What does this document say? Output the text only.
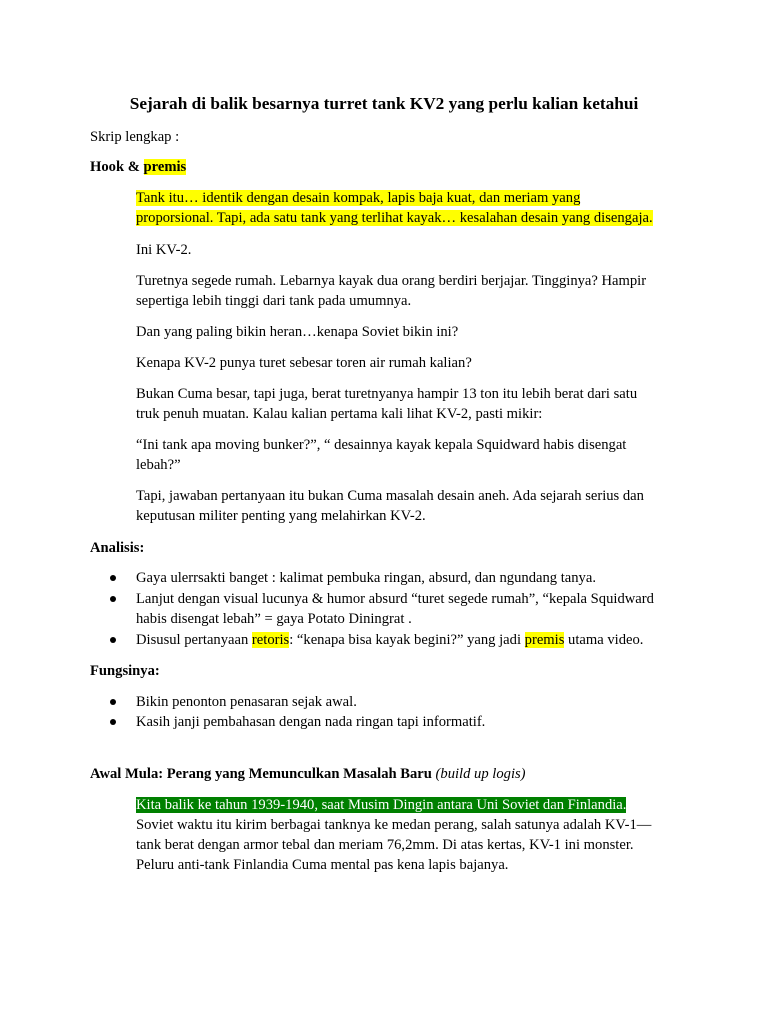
Sejarah di balik besarnya turret tank KV2 yang perlu kalian ketahui
Skrip lengkap :
Hook & premis
Tank itu… identik dengan desain kompak, lapis baja kuat, dan meriam yang
proporsional. Tapi, ada satu tank yang terlihat kayak… kesalahan desain yang disengaja.
Ini KV-2.
Turetnya segede rumah. Lebarnya kayak dua orang berdiri berjajar. Tingginya? Hampir
sepertiga lebih tinggi dari tank pada umumnya.
Dan yang paling bikin heran…kenapa Soviet bikin ini?
Kenapa KV-2 punya turet sebesar toren air rumah kalian?
Bukan Cuma besar, tapi juga, berat turetnyanya hampir 13 ton itu lebih berat dari satu
truk penuh muatan. Kalau kalian pertama kali lihat KV-2, pasti mikir:
“Ini tank apa moving bunker?”, “ desainnya kayak kepala Squidward habis disengat
lebah?”
Tapi, jawaban pertanyaan itu bukan Cuma masalah desain aneh. Ada sejarah serius dan
keputusan militer penting yang melahirkan KV-2.
Analisis:
Gaya ulerrsakti banget : kalimat pembuka ringan, absurd, dan ngundang tanya.
Lanjut dengan visual lucunya & humor absurd “turet segede rumah”, “kepala Squidward
habis disengat lebah” = gaya Potato Diningrat .
Disusul pertanyaan retoris: “kenapa bisa kayak begini?” yang jadi premis utama video.
Fungsinya:
Bikin penonton penasaran sejak awal.
Kasih janji pembahasan dengan nada ringan tapi informatif.
Awal Mula: Perang yang Memunculkan Masalah Baru (build up logis)
Kita balik ke tahun 1939-1940, saat Musim Dingin antara Uni Soviet dan Finlandia.
Soviet waktu itu kirim berbagai tanknya ke medan perang, salah satunya adalah KV-1—
tank berat dengan armor tebal dan meriam 76,2mm. Di atas kertas, KV-1 ini monster.
Peluru anti-tank Finlandia Cuma mental pas kena lapis bajanya.
